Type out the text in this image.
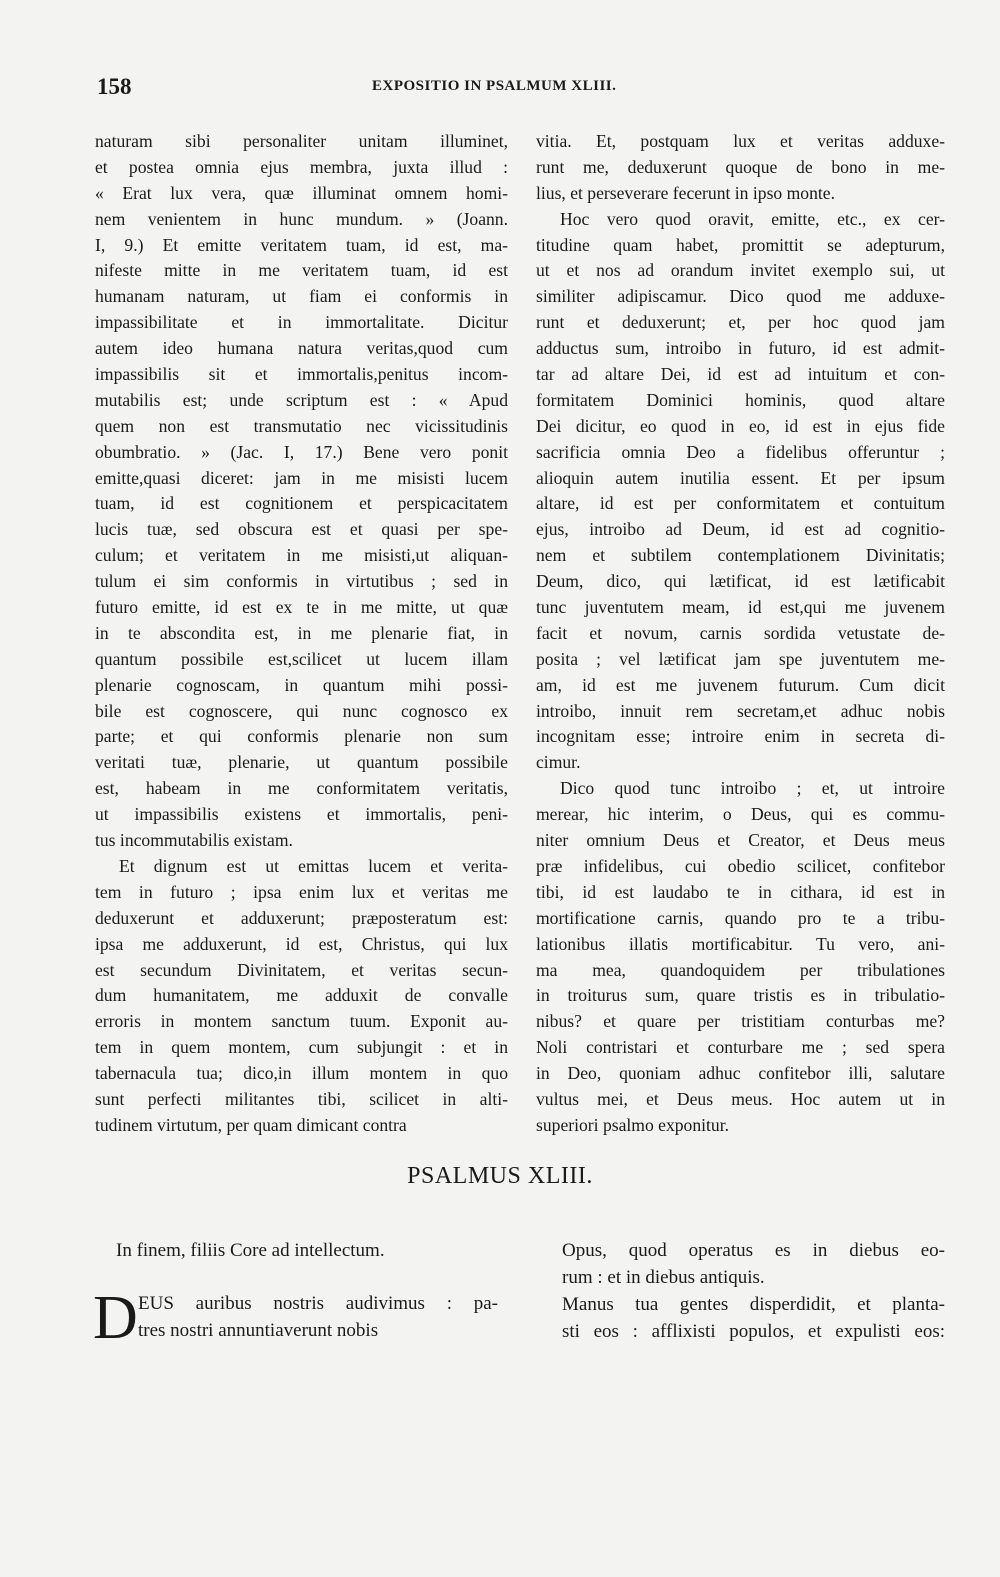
158	EXPOSITIO IN PSALMUM XLIII.
naturam sibi personaliter unitam illuminet,
et postea omnia ejus membra, juxta illud :
« Erat lux vera, quæ illuminat omnem homi-
nem venientem in hunc mundum. » (Joann.
I, 9.) Et emitte veritatem tuam, id est, ma-
nifeste mitte in me veritatem tuam, id est
humanam naturam, ut fiam ei conformis in
impassibilitate et in immortalitate. Dicitur
autem ideo humana natura veritas,quod cum
impassibilis sit et immortalis,penitus incom-
mutabilis est; unde scriptum est : « Apud
quem non est transmutatio nec vicissitudinis
obumbratio. » (Jac. I, 17.) Bene vero ponit
emitte,quasi diceret: jam in me misisti lucem
tuam, id est cognitionem et perspicacitatem
lucis tuæ, sed obscura est et quasi per spe-
culum; et veritatem in me misisti,ut aliquan-
tulum ei sim conformis in virtutibus ; sed in
futuro emitte, id est ex te in me mitte, ut quæ
in te abscondita est, in me plenarie fiat, in
quantum possibile est,scilicet ut lucem illam
plenarie cognoscam, in quantum mihi possi-
bile est cognoscere, qui nunc cognosco ex
parte; et qui conformis plenarie non sum
veritati tuæ, plenarie, ut quantum possibile
est, habeam in me conformitatem veritatis,
ut impassibilis existens et immortalis, peni-
tus incommutabilis existam.
Et dignum est ut emittas lucem et verita-
tem in futuro ; ipsa enim lux et veritas me
deduxerunt et adduxerunt; præposteratum est:
ipsa me adduxerunt, id est, Christus, qui lux
est secundum Divinitatem, et veritas secun-
dum humanitatem, me adduxit de convalle
erroris in montem sanctum tuum. Exponit au-
tem in quem montem, cum subjungit : et in
tabernacula tua; dico,in illum montem in quo
sunt perfecti militantes tibi, scilicet in alti-
tudinem virtutum, per quam dimicant contra
vitia. Et, postquam lux et veritas adduxe-
runt me, deduxerunt quoque de bono in me-
lius, et perseverare fecerunt in ipso monte.
Hoc vero quod oravit, emitte, etc., ex cer-
titudine quam habet, promittit se adepturum,
ut et nos ad orandum invitet exemplo sui, ut
similiter adipiscamur. Dico quod me adduxe-
runt et deduxerunt; et, per hoc quod jam
adductus sum, introibo in futuro, id est admit-
tar ad altare Dei, id est ad intuitum et con-
formitatem Dominici hominis, quod altare
Dei dicitur, eo quod in eo, id est in ejus fide
sacrificia omnia Deo a fidelibus offeruntur ;
alioquin autem inutilia essent. Et per ipsum
altare, id est per conformitatem et contuitum
ejus, introibo ad Deum, id est ad cognitio-
nem et subtilem contemplationem Divinitatis;
Deum, dico, qui lætificat, id est lætificabit
tunc juventutem meam, id est,qui me juvenem
facit et novum, carnis sordida vetustate de-
posita ; vel lætificat jam spe juventutem me-
am, id est me juvenem futurum. Cum dicit
introibo, innuit rem secretam,et adhuc nobis
incognitam esse; introire enim in secreta di-
cimur.
Dico quod tunc introibo ; et, ut introire
merear, hic interim, o Deus, qui es commu-
niter omnium Deus et Creator, et Deus meus
præ infidelibus, cui obedio scilicet, confitebor
tibi, id est laudabo te in cithara, id est in
mortificatione carnis, quando pro te a tribu-
lationibus illatis mortificabitur. Tu vero, ani-
ma mea, quandoquidem per tribulationes
in troiturus sum, quare tristis es in tribulatio-
nibus? et quare per tristitiam conturbas me?
Noli contristari et conturbare me ; sed spera
in Deo, quoniam adhuc confitebor illi, salutare
vultus mei, et Deus meus. Hoc autem ut in
superiori psalmo exponitur.
PSALMUS XLIII.
In finem, filiis Core ad intellectum.
D EUS auribus nostris audivimus : pa-
tres nostri annuntiaverunt nobis
Opus, quod operatus es in diebus eo-
rum : et in diebus antiquis.
Manus tua gentes disperdidit, et planta-
sti eos : afflixisti populos, et expulisti eos:
